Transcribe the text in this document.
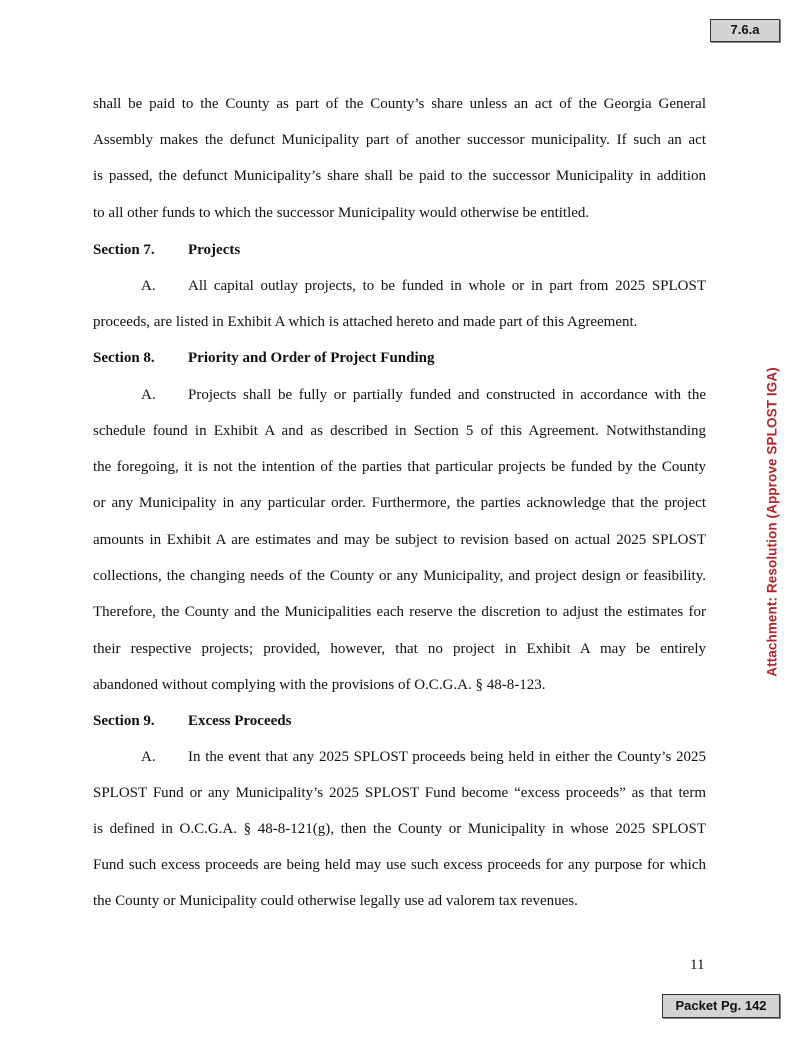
7.6.a
Attachment: Resolution (Approve SPLOST IGA)
shall be paid to the County as part of the County’s share unless an act of the Georgia General
Assembly makes the defunct Municipality part of another successor municipality. If such an act
is passed, the defunct Municipality’s share shall be paid to the successor Municipality in addition
to all other funds to which the successor Municipality would otherwise be entitled.
Section 7. Projects
A. All capital outlay projects, to be funded in whole or in part from 2025 SPLOST
proceeds, are listed in Exhibit A which is attached hereto and made part of this Agreement.
Section 8. Priority and Order of Project Funding
A. Projects shall be fully or partially funded and constructed in accordance with the
schedule found in Exhibit A and as described in Section 5 of this Agreement. Notwithstanding
the foregoing, it is not the intention of the parties that particular projects be funded by the County
or any Municipality in any particular order. Furthermore, the parties acknowledge that the project
amounts in Exhibit A are estimates and may be subject to revision based on actual 2025 SPLOST
collections, the changing needs of the County or any Municipality, and project design or feasibility.
Therefore, the County and the Municipalities each reserve the discretion to adjust the estimates for
their respective projects; provided, however, that no project in Exhibit A may be entirely
abandoned without complying with the provisions of O.C.G.A. § 48-8-123.
Section 9. Excess Proceeds
A. In the event that any 2025 SPLOST proceeds being held in either the County’s 2025
SPLOST Fund or any Municipality’s 2025 SPLOST Fund become “excess proceeds” as that term
is defined in O.C.G.A. § 48-8-121(g), then the County or Municipality in whose 2025 SPLOST
Fund such excess proceeds are being held may use such excess proceeds for any purpose for which
the County or Municipality could otherwise legally use ad valorem tax revenues.
11
Packet Pg. 142
